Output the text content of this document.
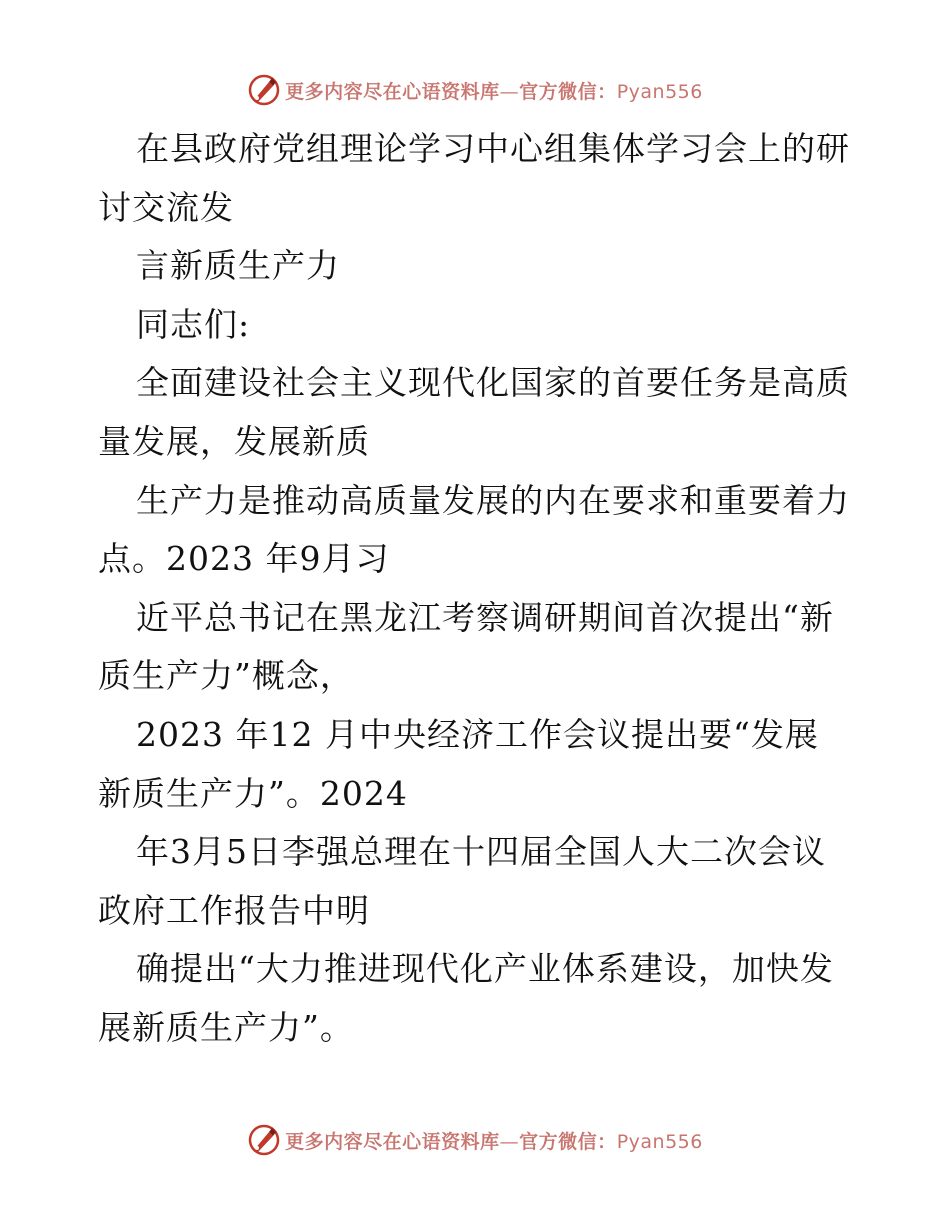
更多内容尽在心语资料库—官方微信：Pyan556
在县政府党组理论学习中心组集体学习会上的研
讨交流发
言新质生产力
同志们:
全面建设社会主义现代化国家的首要任务是高质
量发展，发展新质
生产力是推动高质量发展的内在要求和重要着力
点。2023 年9月习
近平总书记在黑龙江考察调研期间首次提出“新
质生产力”概念，
2023 年12 月中央经济工作会议提出要“发展
新质生产力”。2024
年3月5日李强总理在十四届全国人大二次会议
政府工作报告中明
确提出“大力推进现代化产业体系建设，加快发
展新质生产力”。
更多内容尽在心语资料库—官方微信：Pyan556
